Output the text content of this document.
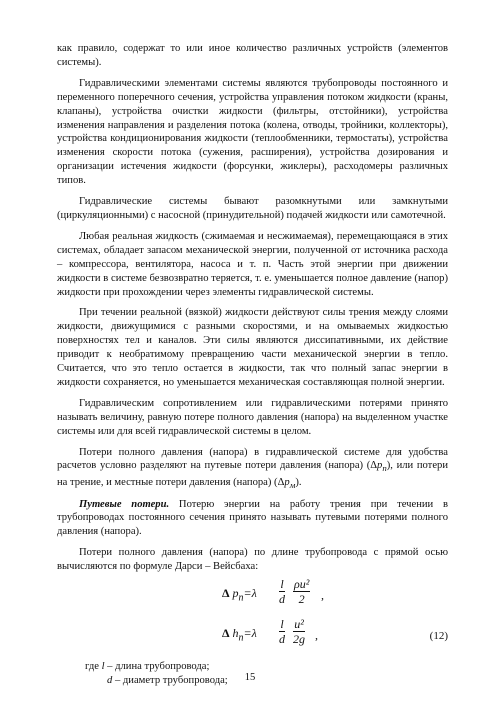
как правило, содержат то или иное количество различных устройств (элементов системы).

Гидравлическими элементами системы являются трубопроводы постоянного и переменного поперечного сечения, устройства управления потоком жидкости (краны, клапаны), устройства очистки жидкости (фильтры, отстойники), устройства изменения направления и разделения потока (колена, отводы, тройники, коллекторы), устройства кондиционирования жидкости (теплообменники, термостаты), устройства изменения скорости потока (сужения, расширения), устройства дозирования и организации истечения жидкости (форсунки, жиклеры), расходомеры различных типов.

Гидравлические системы бывают разомкнутыми или замкнутыми (циркуляционными) с насосной (принудительной) подачей жидкости или самотечной.

Любая реальная жидкость (сжимаемая и несжимаемая), перемещающаяся в этих системах, обладает запасом механической энергии, полученной от источника расхода – компрессора, вентилятора, насоса и т. п. Часть этой энергии при движении жидкости в системе безвозвратно теряется, т. е. уменьшается полное давление (напор) жидкости при прохождении через элементы гидравлической системы.

При течении реальной (вязкой) жидкости действуют силы трения между слоями жидкости, движущимися с разными скоростями, и на омываемых жидкостью поверхностях тел и каналов. Эти силы являются диссипативными, их действие приводит к необратимому превращению части механической энергии в тепло. Считается, что это тепло остается в жидкости, так что полный запас энергии в жидкости сохраняется, но уменьшается механическая составляющая полной энергии.

Гидравлическим сопротивлением или гидравлическими потерями принято называть величину, равную потере полного давления (напора) на выделенном участке системы или для всей гидравлической системы в целом.

Потери полного давления (напора) в гидравлической системе для удобства расчетов условно разделяют на путевые потери давления (напора) $(\Delta p_п)$, или потери на трение, и местные потери давления (напора) $(\Delta p_м)$.

Путевые потери. Потерю энергии на работу трения при течении в трубопроводах постоянного сечения принято называть путевыми потерями полного давления (напора).

Потери полного давления (напора) по длине трубопровода с прямой осью вычисляются по формуле Дарси – Вейсбаха:

Δ $p_п=\lambda \frac{l}{d} \frac{\text{ρu²}}{2}$ ,
Δ $h_п=\lambda \frac{l}{d} \frac{\text{u²}}{2g}$ ,	(12)
где l – длина трубопровода;
d – диаметр трубопровода;	15
